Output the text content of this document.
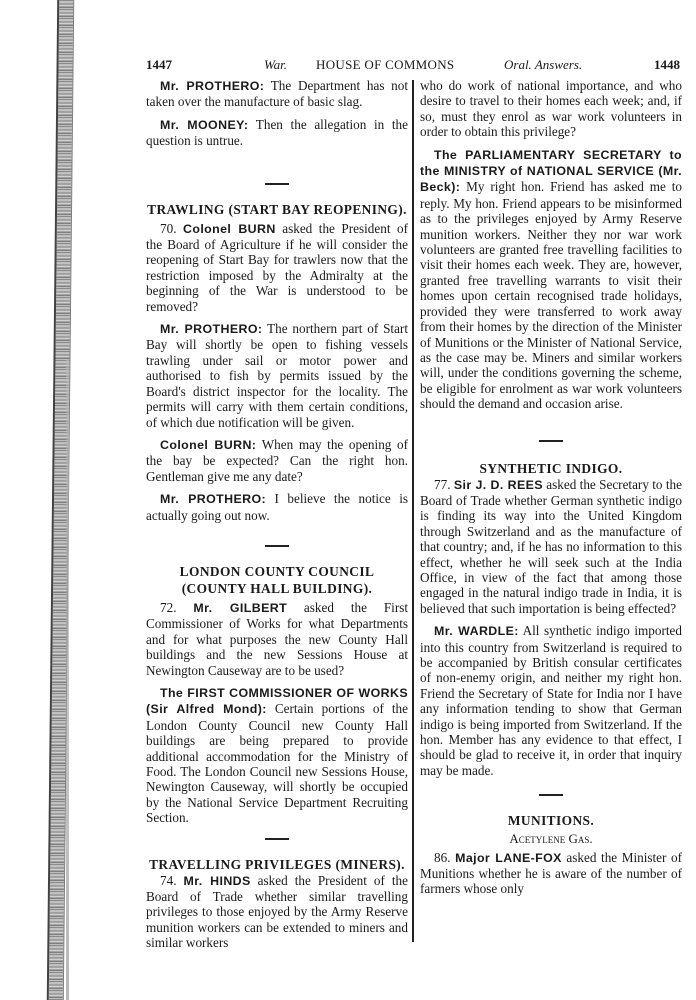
1447	War. HOUSE OF COMMONS	Oral. Answers.	1448

Mr. PROTHERO: The Department has not taken over the manufacture of basic slag.

Mr. MOONEY: Then the allegation in the question is untrue.

TRAWLING (START BAY REOPENING).

70. Colonel BURN asked the President of the Board of Agriculture if he will consider the reopening of Start Bay for trawlers now that the restriction imposed by the Admiralty at the beginning of the War is understood to be removed?

Mr. PROTHERO: The northern part of Start Bay will shortly be open to fishing vessels trawling under sail or motor power and authorised to fish by permits issued by the Board's district inspector for the locality. The permits will carry with them certain conditions, of which due notification will be given.

Colonel BURN: When may the opening of the bay be expected? Can the right hon. Gentleman give me any date?

Mr. PROTHERO: I believe the notice is actually going out now.

LONDON COUNTY COUNCIL (COUNTY HALL BUILDING).

72. Mr. GILBERT asked the First Commissioner of Works for what Departments and for what purposes the new County Hall buildings and the new Sessions House at Newington Causeway are to be used?

The FIRST COMMISSIONER OF WORKS (Sir Alfred Mond): Certain portions of the London County Council new County Hall buildings are being prepared to provide additional accommodation for the Ministry of Food. The London Council new Sessions House, Newington Causeway, will shortly be occupied by the National Service Department Recruiting Section.

TRAVELLING PRIVILEGES (MINERS).

74. Mr. HINDS asked the President of the Board of Trade whether similar travelling privileges to those enjoyed by the Army Reserve munition workers can be extended to miners and similar workers

who do work of national importance, and who desire to travel to their homes each week; and, if so, must they enrol as war work volunteers in order to obtain this privilege?

The PARLIAMENTARY SECRETARY to the MINISTRY of NATIONAL SERVICE (Mr. Beck): My right hon. Friend has asked me to reply. My hon. Friend appears to be misinformed as to the privileges enjoyed by Army Reserve munition workers. Neither they nor war work volunteers are granted free travelling facilities to visit their homes each week. They are, however, granted free travelling warrants to visit their homes upon certain recognised trade holidays, provided they were transferred to work away from their homes by the direction of the Minister of Munitions or the Minister of National Service, as the case may be. Miners and similar workers will, under the conditions governing the scheme, be eligible for enrolment as war work volunteers should the demand and occasion arise.

SYNTHETIC INDIGO.

77. Sir J. D. REES asked the Secretary to the Board of Trade whether German synthetic indigo is finding its way into the United Kingdom through Switzerland and as the manufacture of that country; and, if he has no information to this effect, whether he will seek such at the India Office, in view of the fact that among those engaged in the natural indigo trade in India, it is believed that such importation is being effected?

Mr. WARDLE: All synthetic indigo imported into this country from Switzerland is required to be accompanied by British consular certificates of non-enemy origin, and neither my right hon. Friend the Secretary of State for India nor I have any information tending to show that German indigo is being imported from Switzerland. If the hon. Member has any evidence to that effect, I should be glad to receive it, in order that inquiry may be made.

MUNITIONS.
Acetylene Gas.

86. Major LANE-FOX asked the Minister of Munitions whether he is aware of the number of farmers whose only
